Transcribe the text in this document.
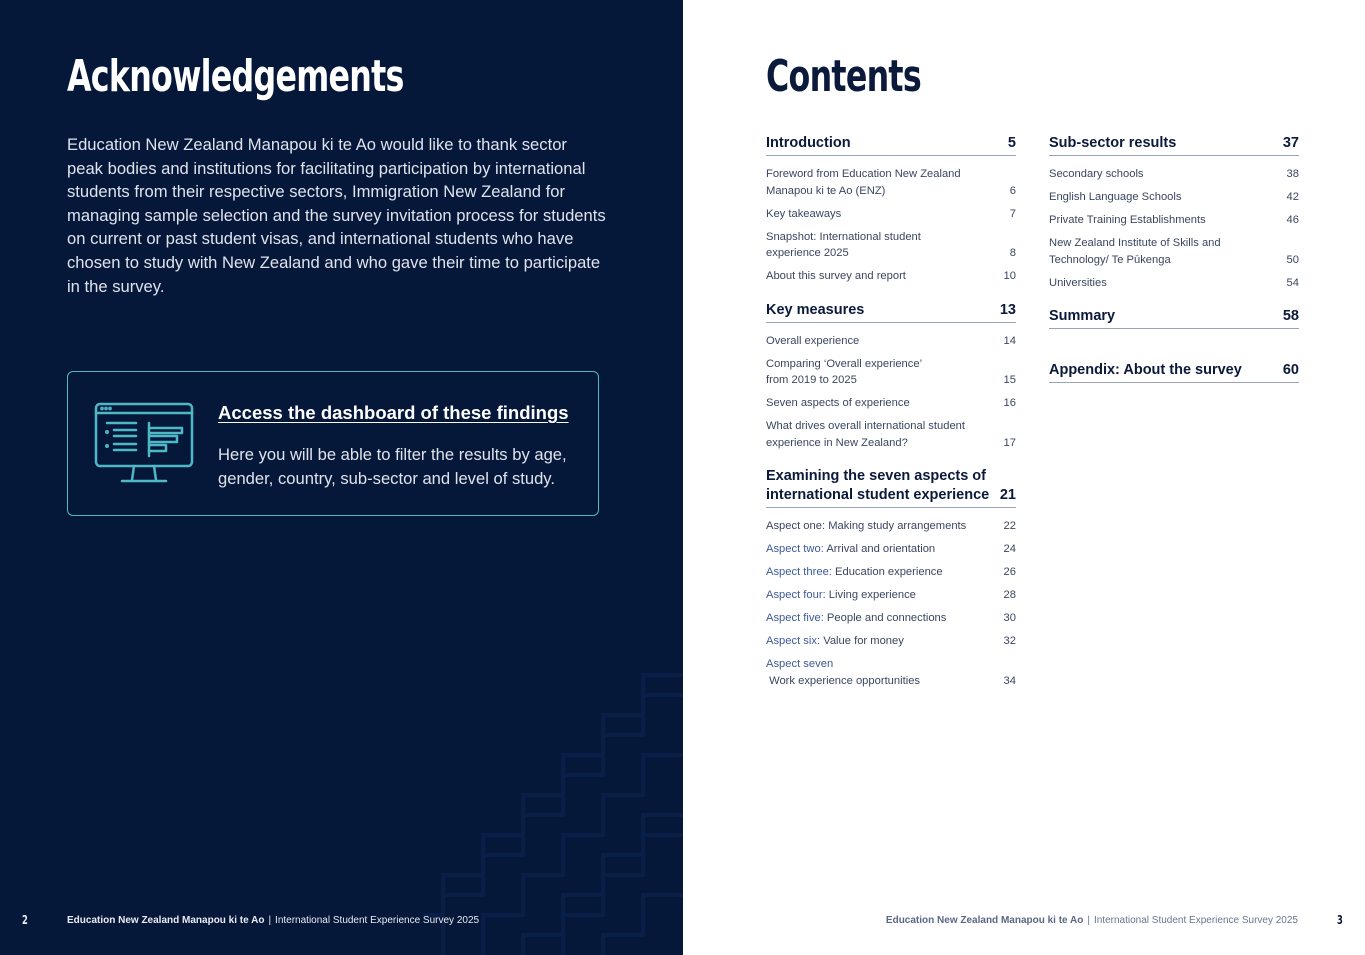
Acknowledgements

Education New Zealand Manapou ki te Ao would like to thank sector peak bodies and institutions for facilitating participation by international students from their respective sectors, Immigration New Zealand for managing sample selection and the survey invitation process for students on current or past student visas, and international students who have chosen to study with New Zealand and who gave their time to participate in the survey.

Access the dashboard of these findings

Here you will be able to filter the results by age, gender, country, sub-sector and level of study.

2	Education New Zealand Manapou ki te Ao | International Student Experience Survey 2025
Contents
Introduction	5
Foreword from Education New Zealand Manapou ki te Ao (ENZ)	6
Key takeaways	7
Snapshot: International student experience 2025	8
About this survey and report	10
Key measures	13
Overall experience	14
Comparing ‘Overall experience’ from 2019 to 2025	15
Seven aspects of experience	16
What drives overall international student experience in New Zealand?	17
Examining the seven aspects of international student experience 21
Aspect one: Making study arrangements	22
Aspect two: Arrival and orientation	24
Aspect three: Education experience	26
Aspect four: Living experience	28
Aspect five: People and connections	30
Aspect six: Value for money	32
Aspect seven
Work experience opportunities	34
Sub-sector results	37
Secondary schools	38
English Language Schools	42
Private Training Establishments	46
New Zealand Institute of Skills and Technology/ Te Pūkenga	50
Universities	54
Summary	58
Appendix: About the survey	60
Education New Zealand Manapou ki te Ao | International Student Experience Survey 2025	3
